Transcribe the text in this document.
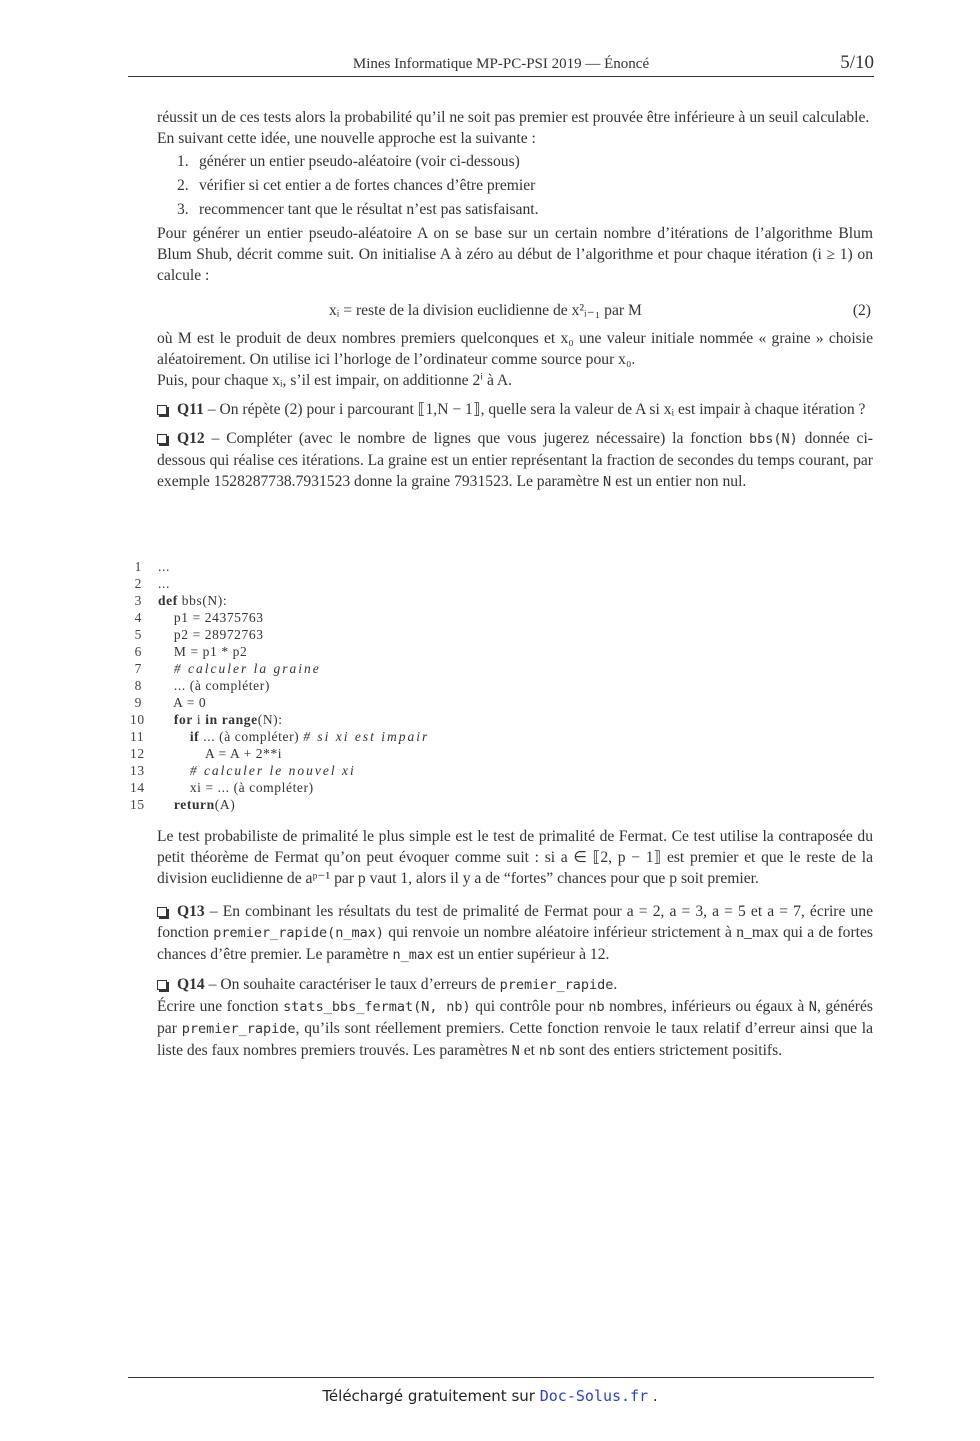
Mines Informatique MP-PC-PSI 2019 — Énoncé	5/10

réussit un de ces tests alors la probabilité qu’il ne soit pas premier est prouvée être inférieure à un seuil calculable.

En suivant cette idée, une nouvelle approche est la suivante :

1. générer un entier pseudo-aléatoire (voir ci-dessous)
2. vérifier si cet entier a de fortes chances d’être premier
3. recommencer tant que le résultat n’est pas satisfaisant.

Pour générer un entier pseudo-aléatoire A on se base sur un certain nombre d’itérations de l’algorithme Blum Blum Shub, décrit comme suit. On initialise A à zéro au début de l’algorithme et pour chaque itération (i ≥ 1) on calcule :

xᵢ = reste de la division euclidienne de x²ᵢ₋₁ par M	(2)

où M est le produit de deux nombres premiers quelconques et x₀ une valeur initiale nommée « graine » choisie aléatoirement. On utilise ici l’horloge de l’ordinateur comme source pour x₀.

Puis, pour chaque xᵢ, s’il est impair, on additionne 2ⁱ à A.

Q11 – On répète (2) pour i parcourant ⟦1,N − 1⟧, quelle sera la valeur de A si xᵢ est impair à chaque itération ?

Q12 – Compléter (avec le nombre de lignes que vous jugerez nécessaire) la fonction bbs(N) donnée ci-dessous qui réalise ces itérations. La graine est un entier représentant la fraction de secondes du temps courant, par exemple 1528287738.7931523 donne la graine 7931523. Le paramètre N est un entier non nul.

1 ...
2 ...
3 def bbs(N):
4	p1 = 24375763
5	p2 = 28972763
6	M = p1 * p2
7	# calculer la graine
8	... (à compléter)
9	A = 0
10	for i in range(N):
11	if ... (à compléter) # si xi est impair
12	A = A + 2**i
13	# calculer le nouvel xi
14	xi = ... (à compléter)
15	return(A)

Le test probabiliste de primalité le plus simple est le test de primalité de Fermat. Ce test utilise la contraposée du petit théorème de Fermat qu’on peut évoquer comme suit : si a ∈ ⟦2, p − 1⟧ est premier et que le reste de la division euclidienne de aᵖ⁻¹ par p vaut 1, alors il y a de “fortes” chances pour que p soit premier.

Q13 – En combinant les résultats du test de primalité de Fermat pour a = 2, a = 3, a = 5 et a = 7, écrire une fonction premier_rapide(n_max) qui renvoie un nombre aléatoire inférieur strictement à n_max qui a de fortes chances d’être premier. Le paramètre n_max est un entier supérieur à 12.

Q14 – On souhaite caractériser le taux d’erreurs de premier_rapide.
Écrire une fonction stats_bbs_fermat(N, nb) qui contrôle pour nb nombres, inférieurs ou égaux à N, générés par premier_rapide, qu’ils sont réellement premiers. Cette fonction renvoie le taux relatif d’erreur ainsi que la liste des faux nombres premiers trouvés. Les paramètres N et nb sont des entiers strictement positifs.

Téléchargé gratuitement sur Doc-Solus.fr .
